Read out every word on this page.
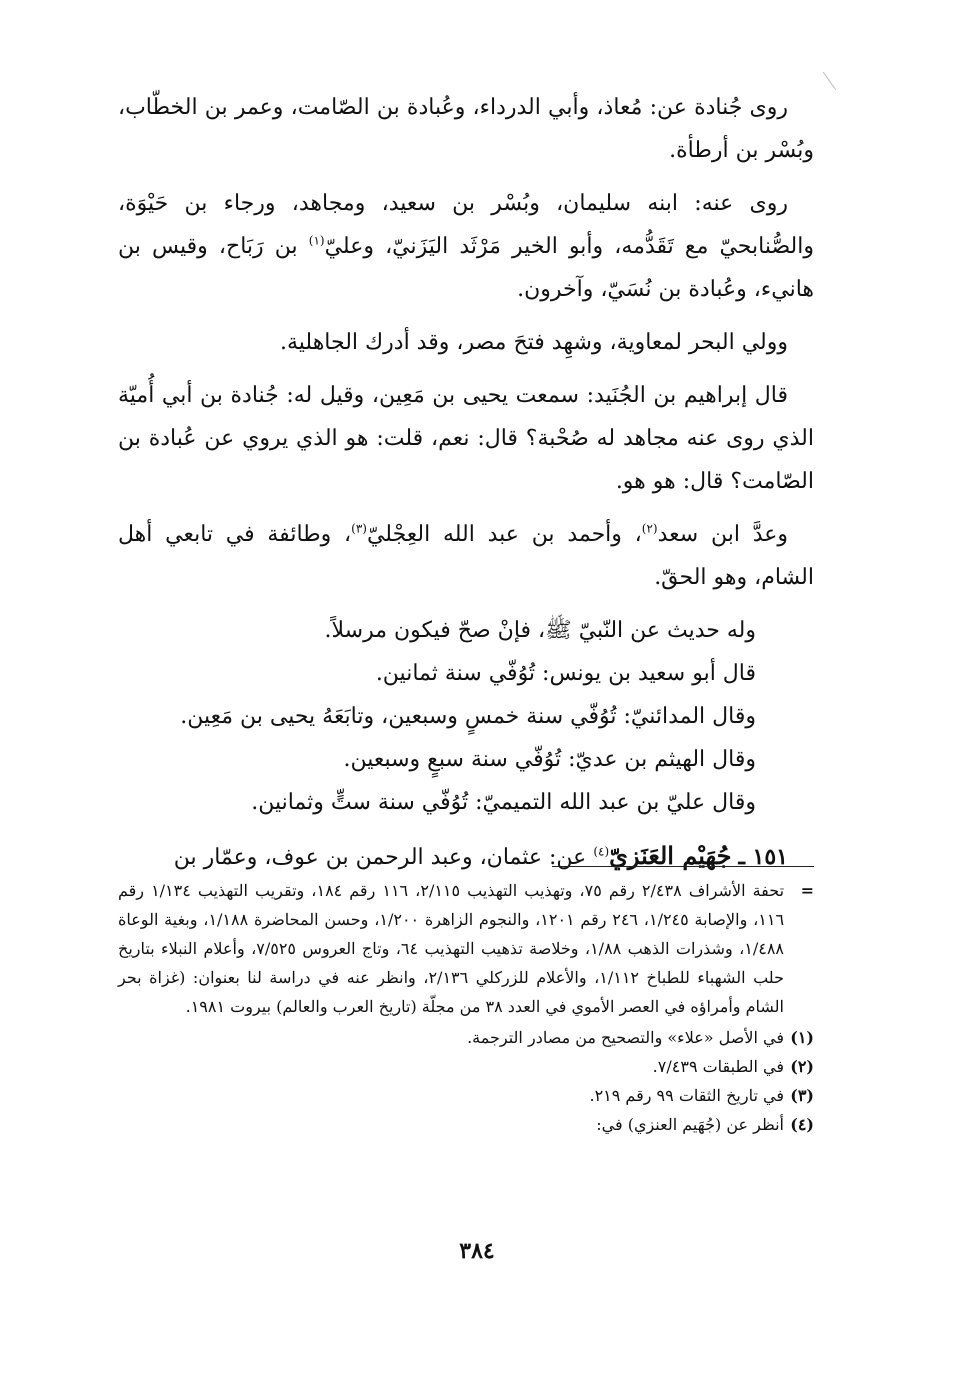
روى جُنادة عن: مُعاذ، وأبي الدرداء، وعُبادة بن الصّامت، وعمر بن الخطّاب، وبُسْر بن أرطأة.

روى عنه: ابنه سليمان، وبُسْر بن سعيد، ومجاهد، ورجاء بن حَيْوَة، والصُّنابحيّ مع تَقَدُّمه، وأبو الخير مَرْثَد اليَزَنيّ، وعليّ$^{(١)}$ بن رَبَاح، وقيس بن هانيء، وعُبادة بن نُسَيّ، وآخرون.

وولي البحر لمعاوية، وشهِد فتحَ مصر، وقد أدرك الجاهلية.

قال إبراهيم بن الجُنَيد: سمعت يحيى بن مَعِين، وقيل له: جُنادة بن أبي أُميّة الذي روى عنه مجاهد له صُحْبة؟ قال: نعم، قلت: هو الذي يروي عن عُبادة بن الصّامت؟ قال: هو هو.

وعدَّ ابن سعد$^{(٢)}$، وأحمد بن عبد الله العِجْليّ$^{(٣)}$، وطائفة في تابعي أهل الشام، وهو الحقّ.

وله حديث عن النّبيّ ﷺ، فإنْ صحّ فيكون مرسلاً.

قال أبو سعيد بن يونس: تُوُفّي سنة ثمانين.

وقال المدائنيّ: تُوُفّي سنة خمسٍ وسبعين، وتابَعَهُ يحيى بن مَعِين.

وقال الهيثم بن عديّ: تُوُفّي سنة سبعٍ وسبعين.

وقال عليّ بن عبد الله التميميّ: تُوُفّي سنة ستٍّ وثمانين.

١٥١ ـ جُهَيْم العَنَزيّ$^{(٤)}$ عن: عثمان، وعبد الرحمن بن عوف، وعمّار بن

=
تحفة الأشراف ٢/٤٣٨ رقم ٧٥، وتهذيب التهذيب ٢/١١٥، ١١٦ رقم ١٨٤، وتقريب التهذيب ١/١٣٤ رقم ١١٦، والإصابة ١/٢٤٥، ٢٤٦ رقم ١٢٠١، والنجوم الزاهرة ١/٢٠٠، وحسن المحاضرة ١/١٨٨، وبغية الوعاة ١/٤٨٨، وشذرات الذهب ١/٨٨، وخلاصة تذهيب التهذيب ٦٤، وتاج العروس ٧/٥٢٥، وأعلام النبلاء بتاريخ حلب الشهباء للطباخ ١/١١٢، والأعلام للزركلي ٢/١٣٦، وانظر عنه في دراسة لنا بعنوان: (غزاة بحر الشام وأمراؤه في العصر الأموي في العدد ٣٨ من مجلّة (تاريخ العرب والعالم) بيروت ١٩٨١.

(١)
في الأصل «علاء» والتصحيح من مصادر الترجمة.

(٢)
في الطبقات ٧/٤٣٩.

(٣)
في تاريخ الثقات ٩٩ رقم ٢١٩.

(٤)
أنظر عن (جُهَيم العنزي) في:

٣٨٤
